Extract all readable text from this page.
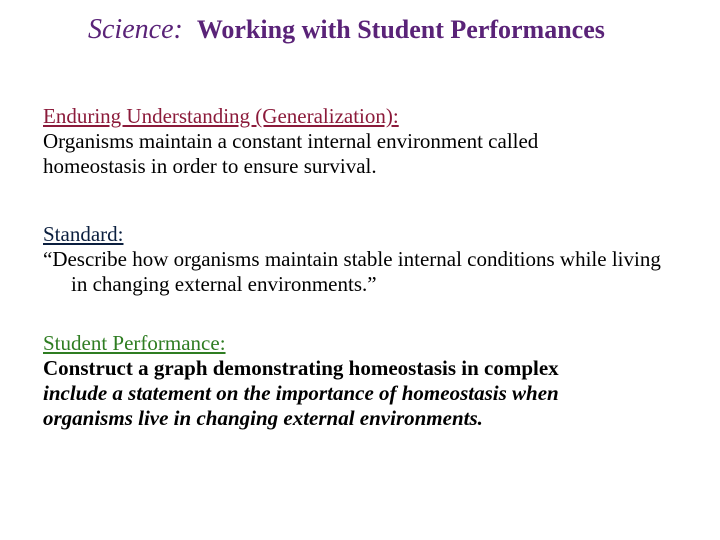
Science: Working with Student Performances
Enduring Understanding (Generalization):
Organisms maintain a constant internal environment called
homeostasis in order to ensure survival.
Standard:
“Describe how organisms maintain stable internal conditions while living in changing external environments.”
Student Performance:
Construct a graph demonstrating homeostasis in complex
include a statement on the importance of homeostasis when
organisms live in changing external environments.
